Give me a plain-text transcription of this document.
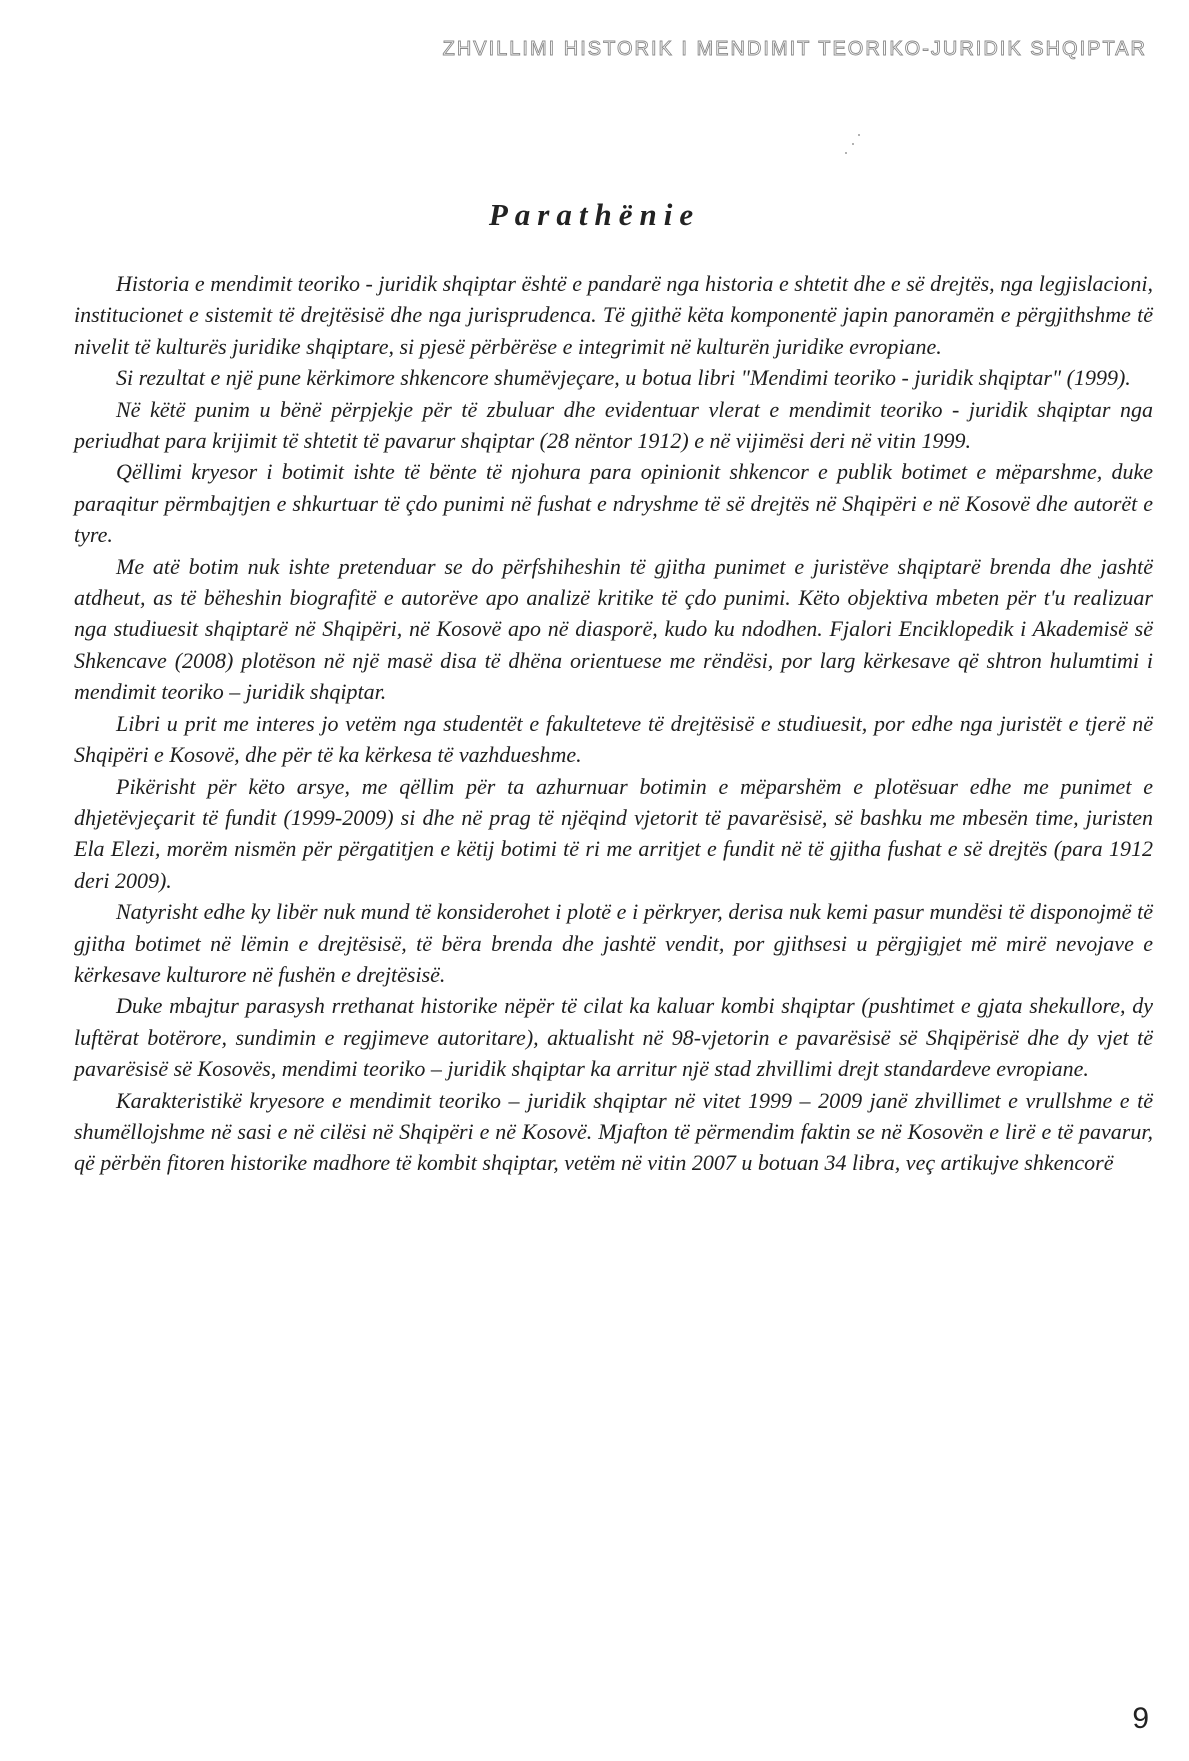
ZHVILLIMI HISTORIK I MENDIMIT TEORIKO-JURIDIK SHQIPTAR
Parathënie

Historia e mendimit teoriko - juridik shqiptar është e pandarë nga historia e shtetit dhe e së drejtës, nga legjislacioni, institucionet e sistemit të drejtësisë dhe nga jurisprudenca. Të gjithë këta komponentë japin panoramën e përgjithshme të nivelit të kulturës juridike shqiptare, si pjesë përbërëse e integrimit në kulturën juridike evropiane.

Si rezultat e një pune kërkimore shkencore shumëvjeçare, u botua libri "Mendimi teoriko - juridik shqiptar" (1999).

Në këtë punim u bënë përpjekje për të zbuluar dhe evidentuar vlerat e mendimit teoriko - juridik shqiptar nga periudhat para krijimit të shtetit të pavarur shqiptar (28 nëntor 1912) e në vijimësi deri në vitin 1999.

Qëllimi kryesor i botimit ishte të bënte të njohura para opinionit shkencor e publik botimet e mëparshme, duke paraqitur përmbajtjen e shkurtuar të çdo punimi në fushat e ndryshme të së drejtës në Shqipëri e në Kosovë dhe autorët e tyre.

Me atë botim nuk ishte pretenduar se do përfshiheshin të gjitha punimet e juristëve shqiptarë brenda dhe jashtë atdheut, as të bëheshin biografitë e autorëve apo analizë kritike të çdo punimi. Këto objektiva mbeten për t'u realizuar nga studiuesit shqiptarë në Shqipëri, në Kosovë apo në diasporë, kudo ku ndodhen. Fjalori Enciklopedik i Akademisë së Shkencave (2008) plotëson në një masë disa të dhëna orientuese me rëndësi, por larg kërkesave që shtron hulumtimi i mendimit teoriko – juridik shqiptar.

Libri u prit me interes jo vetëm nga studentët e fakulteteve të drejtësisë e studiuesit, por edhe nga juristët e tjerë në Shqipëri e Kosovë, dhe për të ka kërkesa të vazhdueshme.

Pikërisht për këto arsye, me qëllim për ta azhurnuar botimin e mëparshëm e plotësuar edhe me punimet e dhjetëvjeçarit të fundit (1999-2009) si dhe në prag të njëqind vjetorit të pavarësisë, së bashku me mbesën time, juristen Ela Elezi, morëm nismën për përgatitjen e këtij botimi të ri me arritjet e fundit në të gjitha fushat e së drejtës (para 1912 deri 2009).

Natyrisht edhe ky libër nuk mund të konsiderohet i plotë e i përkryer, derisa nuk kemi pasur mundësi të disponojmë të gjitha botimet në lëmin e drejtësisë, të bëra brenda dhe jashtë vendit, por gjithsesi u përgjigjet më mirë nevojave e kërkesave kulturore në fushën e drejtësisë.

Duke mbajtur parasysh rrethanat historike nëpër të cilat ka kaluar kombi shqiptar (pushtimet e gjata shekullore, dy luftërat botërore, sundimin e regjimeve autoritare), aktualisht në 98-vjetorin e pavarësisë së Shqipërisë dhe dy vjet të pavarësisë së Kosovës, mendimi teoriko – juridik shqiptar ka arritur një stad zhvillimi drejt standardeve evropiane.

Karakteristikë kryesore e mendimit teoriko – juridik shqiptar në vitet 1999 – 2009 janë zhvillimet e vrullshme e të shumëllojshme në sasi e në cilësi në Shqipëri e në Kosovë. Mjafton të përmendim faktin se në Kosovën e lirë e të pavarur, që përbën fitoren historike madhore të kombit shqiptar, vetëm në vitin 2007 u botuan 34 libra, veç artikujve shkencorë

9
